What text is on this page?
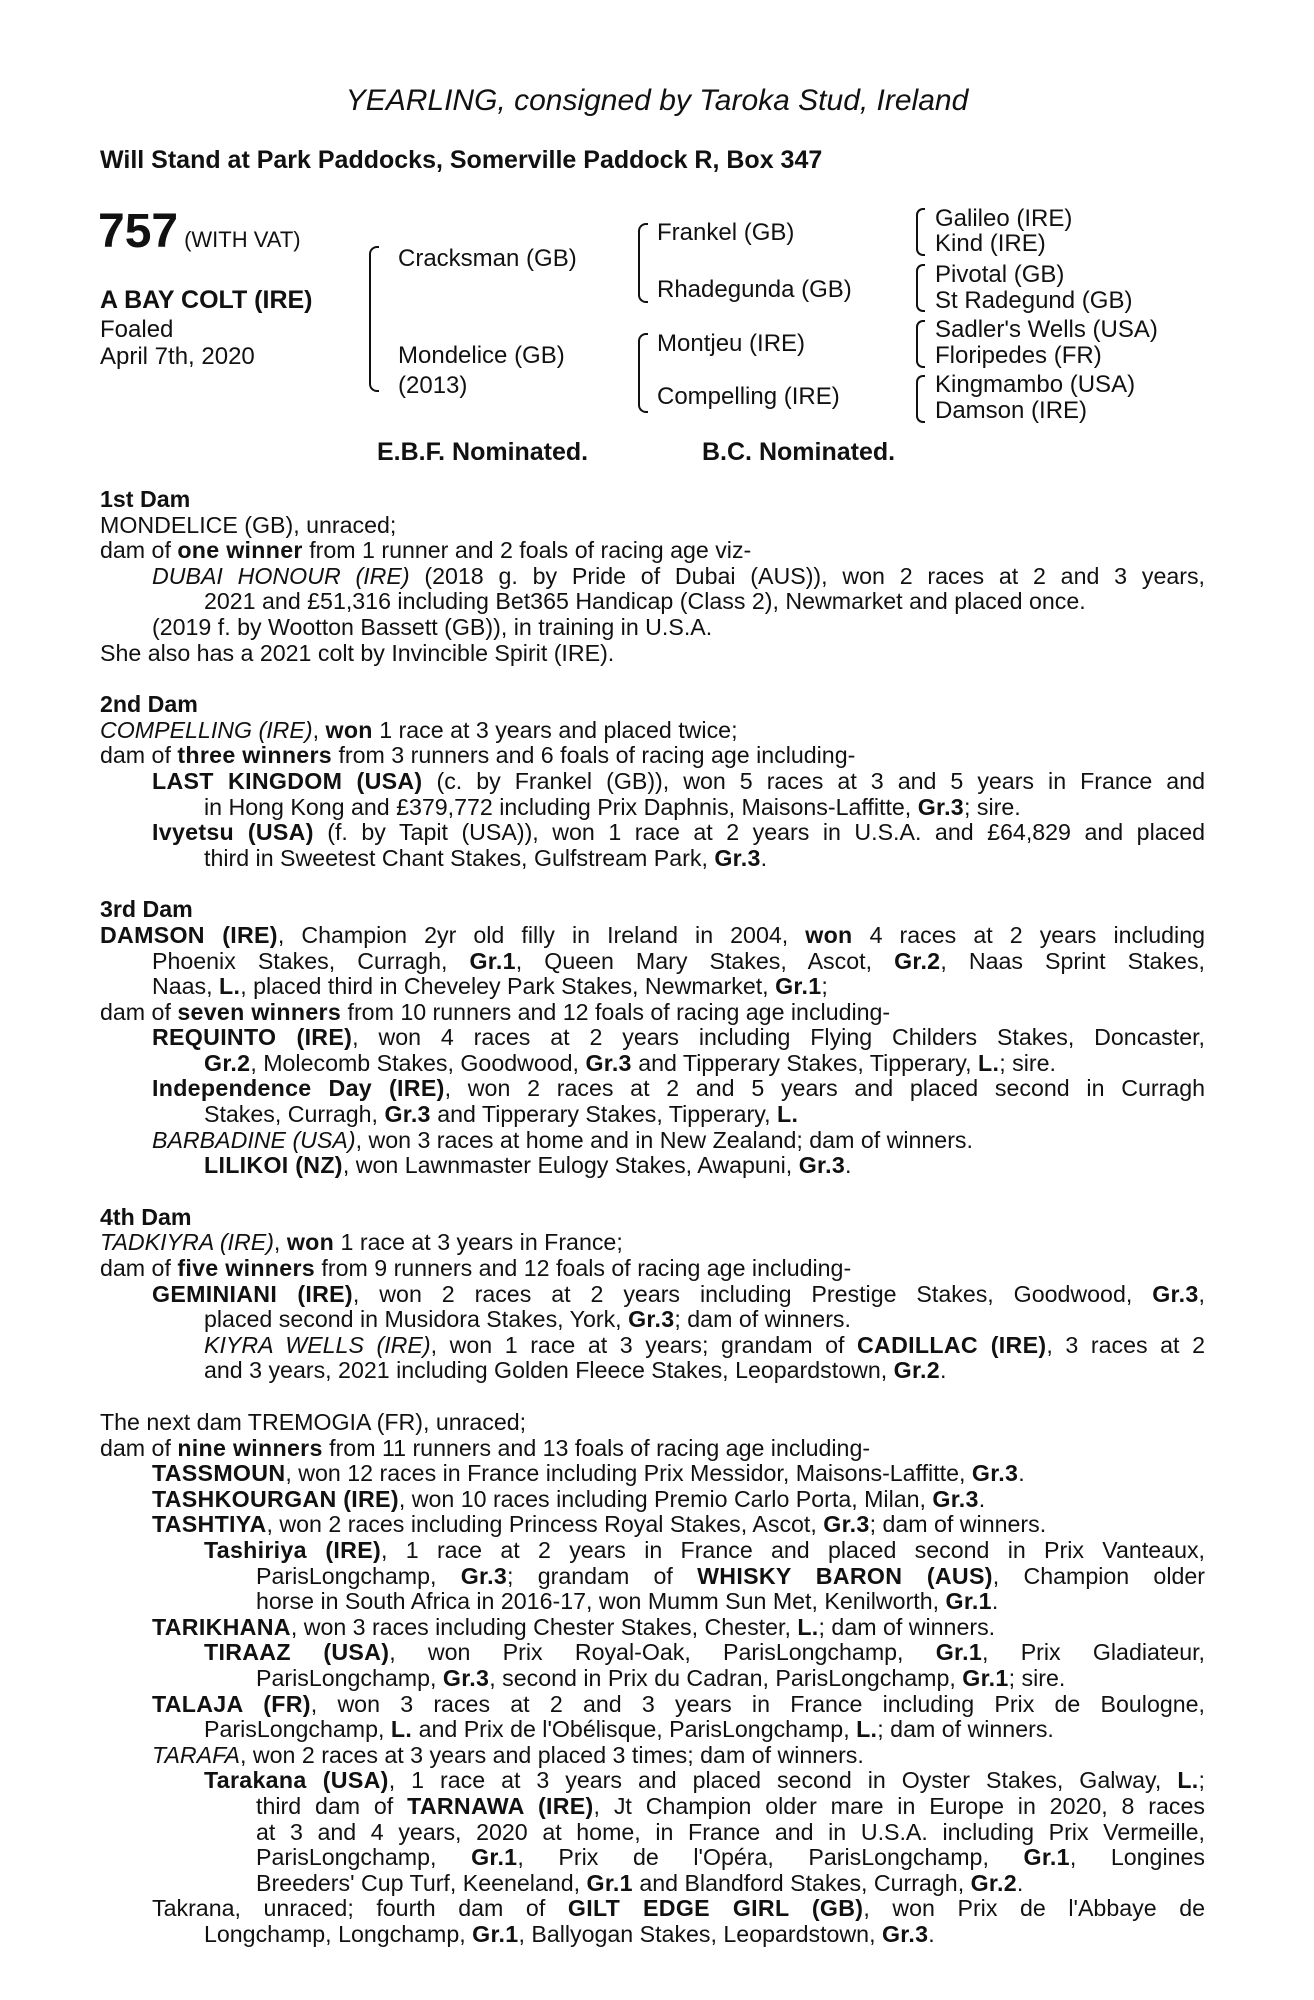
YEARLING, consigned by Taroka Stud, Ireland
Will Stand at Park Paddocks, Somerville Paddock R, Box 347
757 (WITH VAT)
A BAY COLT (IRE)
Foaled
April 7th, 2020
Cracksman (GB)
Mondelice (GB)
(2013)
Frankel (GB)
Rhadegunda (GB)
Montjeu (IRE)
Compelling (IRE)
Galileo (IRE)
Kind (IRE)
Pivotal (GB)
St Radegund (GB)
Sadler's Wells (USA)
Floripedes (FR)
Kingmambo (USA)
Damson (IRE)
E.B.F. Nominated.	B.C. Nominated.
1st Dam
MONDELICE (GB), unraced;
dam of one winner from 1 runner and 2 foals of racing age viz-
DUBAI HONOUR (IRE) (2018 g. by Pride of Dubai (AUS)), won 2 races at 2 and 3 years,
2021 and £51,316 including Bet365 Handicap (Class 2), Newmarket and placed once.
(2019 f. by Wootton Bassett (GB)), in training in U.S.A.
She also has a 2021 colt by Invincible Spirit (IRE).
2nd Dam
COMPELLING (IRE), won 1 race at 3 years and placed twice;
dam of three winners from 3 runners and 6 foals of racing age including-
LAST KINGDOM (USA) (c. by Frankel (GB)), won 5 races at 3 and 5 years in France and
in Hong Kong and £379,772 including Prix Daphnis, Maisons-Laffitte, Gr.3; sire.
Ivyetsu (USA) (f. by Tapit (USA)), won 1 race at 2 years in U.S.A. and £64,829 and placed
third in Sweetest Chant Stakes, Gulfstream Park, Gr.3.
3rd Dam
DAMSON (IRE), Champion 2yr old filly in Ireland in 2004, won 4 races at 2 years including
Phoenix Stakes, Curragh, Gr.1, Queen Mary Stakes, Ascot, Gr.2, Naas Sprint Stakes,
Naas, L., placed third in Cheveley Park Stakes, Newmarket, Gr.1;
dam of seven winners from 10 runners and 12 foals of racing age including-
REQUINTO (IRE), won 4 races at 2 years including Flying Childers Stakes, Doncaster,
Gr.2, Molecomb Stakes, Goodwood, Gr.3 and Tipperary Stakes, Tipperary, L.; sire.
Independence Day (IRE), won 2 races at 2 and 5 years and placed second in Curragh
Stakes, Curragh, Gr.3 and Tipperary Stakes, Tipperary, L.
BARBADINE (USA), won 3 races at home and in New Zealand; dam of winners.
LILIKOI (NZ), won Lawnmaster Eulogy Stakes, Awapuni, Gr.3.
4th Dam
TADKIYRA (IRE), won 1 race at 3 years in France;
dam of five winners from 9 runners and 12 foals of racing age including-
GEMINIANI (IRE), won 2 races at 2 years including Prestige Stakes, Goodwood, Gr.3,
placed second in Musidora Stakes, York, Gr.3; dam of winners.
KIYRA WELLS (IRE), won 1 race at 3 years; grandam of CADILLAC (IRE), 3 races at 2
and 3 years, 2021 including Golden Fleece Stakes, Leopardstown, Gr.2.
The next dam TREMOGIA (FR), unraced;
dam of nine winners from 11 runners and 13 foals of racing age including-
TASSMOUN, won 12 races in France including Prix Messidor, Maisons-Laffitte, Gr.3.
TASHKOURGAN (IRE), won 10 races including Premio Carlo Porta, Milan, Gr.3.
TASHTIYA, won 2 races including Princess Royal Stakes, Ascot, Gr.3; dam of winners.
Tashiriya (IRE), 1 race at 2 years in France and placed second in Prix Vanteaux,
ParisLongchamp, Gr.3; grandam of WHISKY BARON (AUS), Champion older
horse in South Africa in 2016-17, won Mumm Sun Met, Kenilworth, Gr.1.
TARIKHANA, won 3 races including Chester Stakes, Chester, L.; dam of winners.
TIRAAZ (USA), won Prix Royal-Oak, ParisLongchamp, Gr.1, Prix Gladiateur,
ParisLongchamp, Gr.3, second in Prix du Cadran, ParisLongchamp, Gr.1; sire.
TALAJA (FR), won 3 races at 2 and 3 years in France including Prix de Boulogne,
ParisLongchamp, L. and Prix de l'Obélisque, ParisLongchamp, L.; dam of winners.
TARAFA, won 2 races at 3 years and placed 3 times; dam of winners.
Tarakana (USA), 1 race at 3 years and placed second in Oyster Stakes, Galway, L.;
third dam of TARNAWA (IRE), Jt Champion older mare in Europe in 2020, 8 races
at 3 and 4 years, 2020 at home, in France and in U.S.A. including Prix Vermeille,
ParisLongchamp, Gr.1, Prix de l'Opéra, ParisLongchamp, Gr.1, Longines
Breeders' Cup Turf, Keeneland, Gr.1 and Blandford Stakes, Curragh, Gr.2.
Takrana, unraced; fourth dam of GILT EDGE GIRL (GB), won Prix de l'Abbaye de
Longchamp, Longchamp, Gr.1, Ballyogan Stakes, Leopardstown, Gr.3.
